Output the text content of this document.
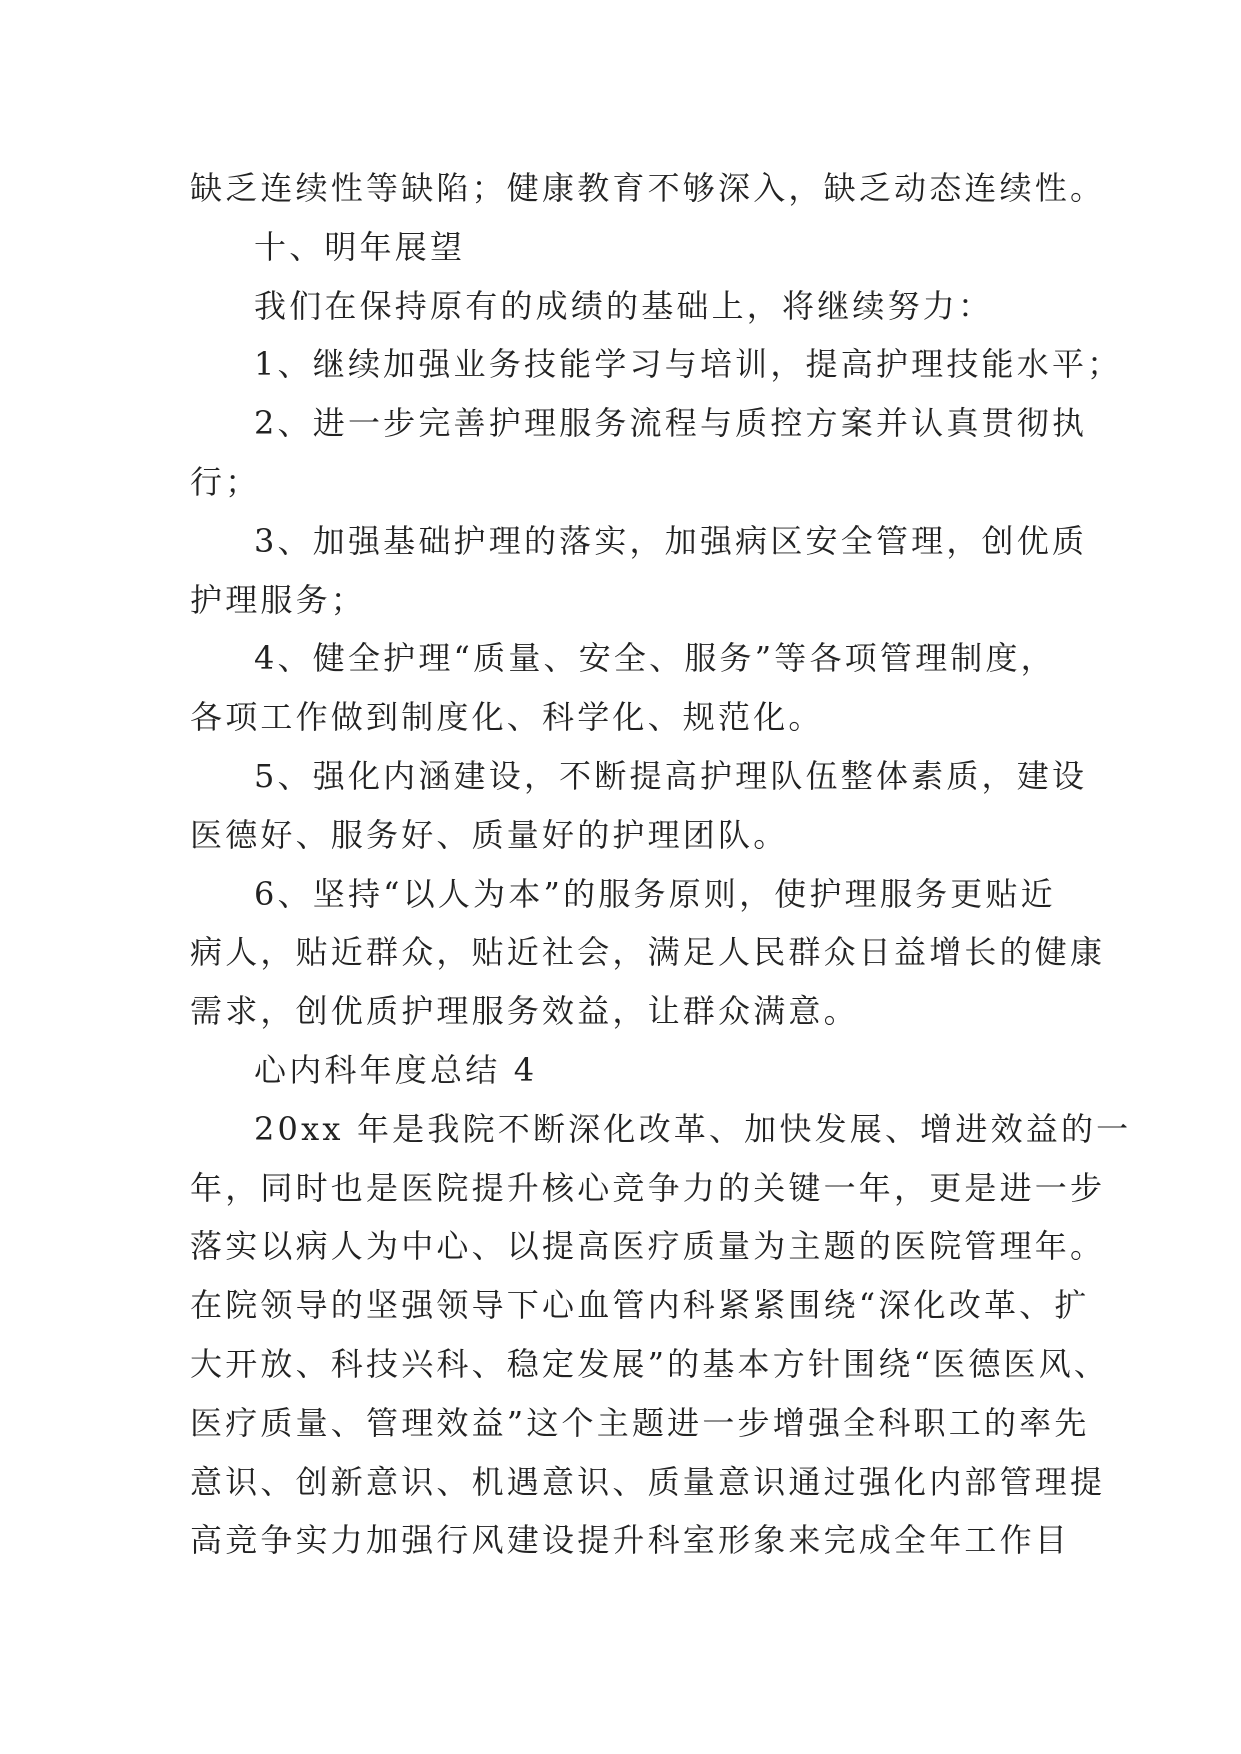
缺乏连续性等缺陷；健康教育不够深入，缺乏动态连续性。
十、明年展望
我们在保持原有的成绩的基础上，将继续努力：
1、继续加强业务技能学习与培训，提高护理技能水平；
2、进一步完善护理服务流程与质控方案并认真贯彻执
行；
3、加强基础护理的落实，加强病区安全管理，创优质
护理服务；
4、健全护理“质量、安全、服务”等各项管理制度，
各项工作做到制度化、科学化、规范化。
5、强化内涵建设，不断提高护理队伍整体素质，建设
医德好、服务好、质量好的护理团队。
6、坚持“以人为本”的服务原则，使护理服务更贴近
病人，贴近群众，贴近社会，满足人民群众日益增长的健康
需求，创优质护理服务效益，让群众满意。
心内科年度总结 4
20xx 年是我院不断深化改革、加快发展、增进效益的一
年，同时也是医院提升核心竞争力的关键一年，更是进一步
落实以病人为中心、以提高医疗质量为主题的医院管理年。
在院领导的坚强领导下心血管内科紧紧围绕“深化改革、扩
大开放、科技兴科、稳定发展”的基本方针围绕“医德医风、
医疗质量、管理效益”这个主题进一步增强全科职工的率先
意识、创新意识、机遇意识、质量意识通过强化内部管理提
高竞争实力加强行风建设提升科室形象来完成全年工作目
